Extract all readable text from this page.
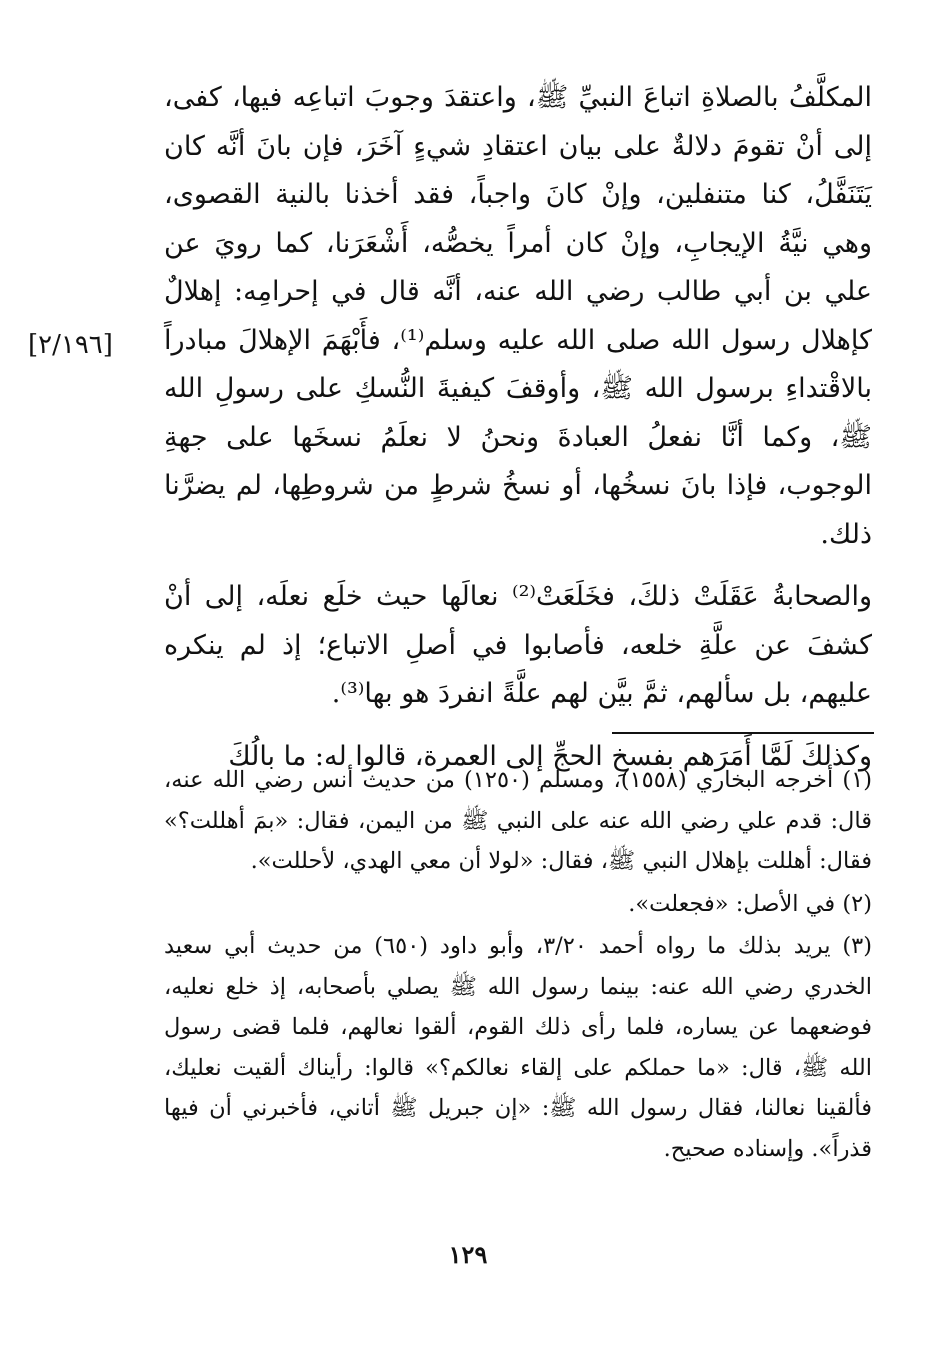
[٢/١٩٦]

المكلَّفُ بالصلاةِ اتباعَ النبيِّ ﷺ، واعتقدَ وجوبَ اتباعِه فيها، كفى، إلى أنْ تقومَ دلالةٌ على بيان اعتقادِ شيءٍ آخَرَ، فإن بانَ أنَّه كان يَتَنَفَّلُ، كنا متنفلين، وإنْ كانَ واجباً، فقد أخذنا بالنية القصوى، وهي نيَّةُ الإيجابِ، وإنْ كان أمراً يخصُّه، أَشْعَرَنا، كما رويَ عن علي بن أبي طالب رضي الله عنه، أنَّه قال في إحرامِه: إهلالٌ كإهلال رسول الله صلى الله عليه وسلم⁽¹⁾، فأَبْهَمَ الإهلالَ مبادراً بالاقْتداءِ برسول الله ﷺ، وأوقفَ كيفيةَ النُّسكِ على رسولِ الله ﷺ، وكما أنَّا نفعلُ العبادةَ ونحنُ لا نعلَمُ نسخَها على جهةِ الوجوب، فإذا بانَ نسخُها، أو نسخُ شرطٍ من شروطِها، لم يضرَّنا ذلك.

والصحابةُ عَقَلَتْ ذلكَ، فخَلَعَتْ⁽²⁾ نعالَها حيث خلَع نعلَه، إلى أنْ كشفَ عن علَّةِ خلعه، فأصابوا في أصلِ الاتباع؛ إذ لم ينكره عليهم، بل سألهم، ثمَّ بيَّن لهم علَّةً انفردَ هو بها⁽³⁾.

وكذلكَ لَمَّا أَمَرَهم بفسخِ الحجِّ إلى العمرة، قالوا له: ما بالُكَ

(١) أخرجه البخاري (١٥٥٨)، ومسلم (١٢٥٠) من حديث أنس رضي الله عنه، قال: قدم علي رضي الله عنه على النبي ﷺ من اليمن، فقال: «بمَ أهللت؟» فقال: أهللت بإهلال النبي ﷺ، فقال: «لولا أن معي الهدي، لأحللت».

(٢) في الأصل: «فجعلت».

(٣) يريد بذلك ما رواه أحمد ٣/٢٠، وأبو داود (٦٥٠) من حديث أبي سعيد الخدري رضي الله عنه: بينما رسول الله ﷺ يصلي بأصحابه، إذ خلع نعليه، فوضعهما عن يساره، فلما رأى ذلك القوم، ألقوا نعالهم، فلما قضى رسول الله ﷺ، قال: «ما حملكم على إلقاء نعالكم؟» قالوا: رأيناك ألقيت نعليك، فألقينا نعالنا، فقال رسول الله ﷺ: «إن جبريل ﷺ أتاني، فأخبرني أن فيها قذراً». وإسناده صحيح.

١٢٩
